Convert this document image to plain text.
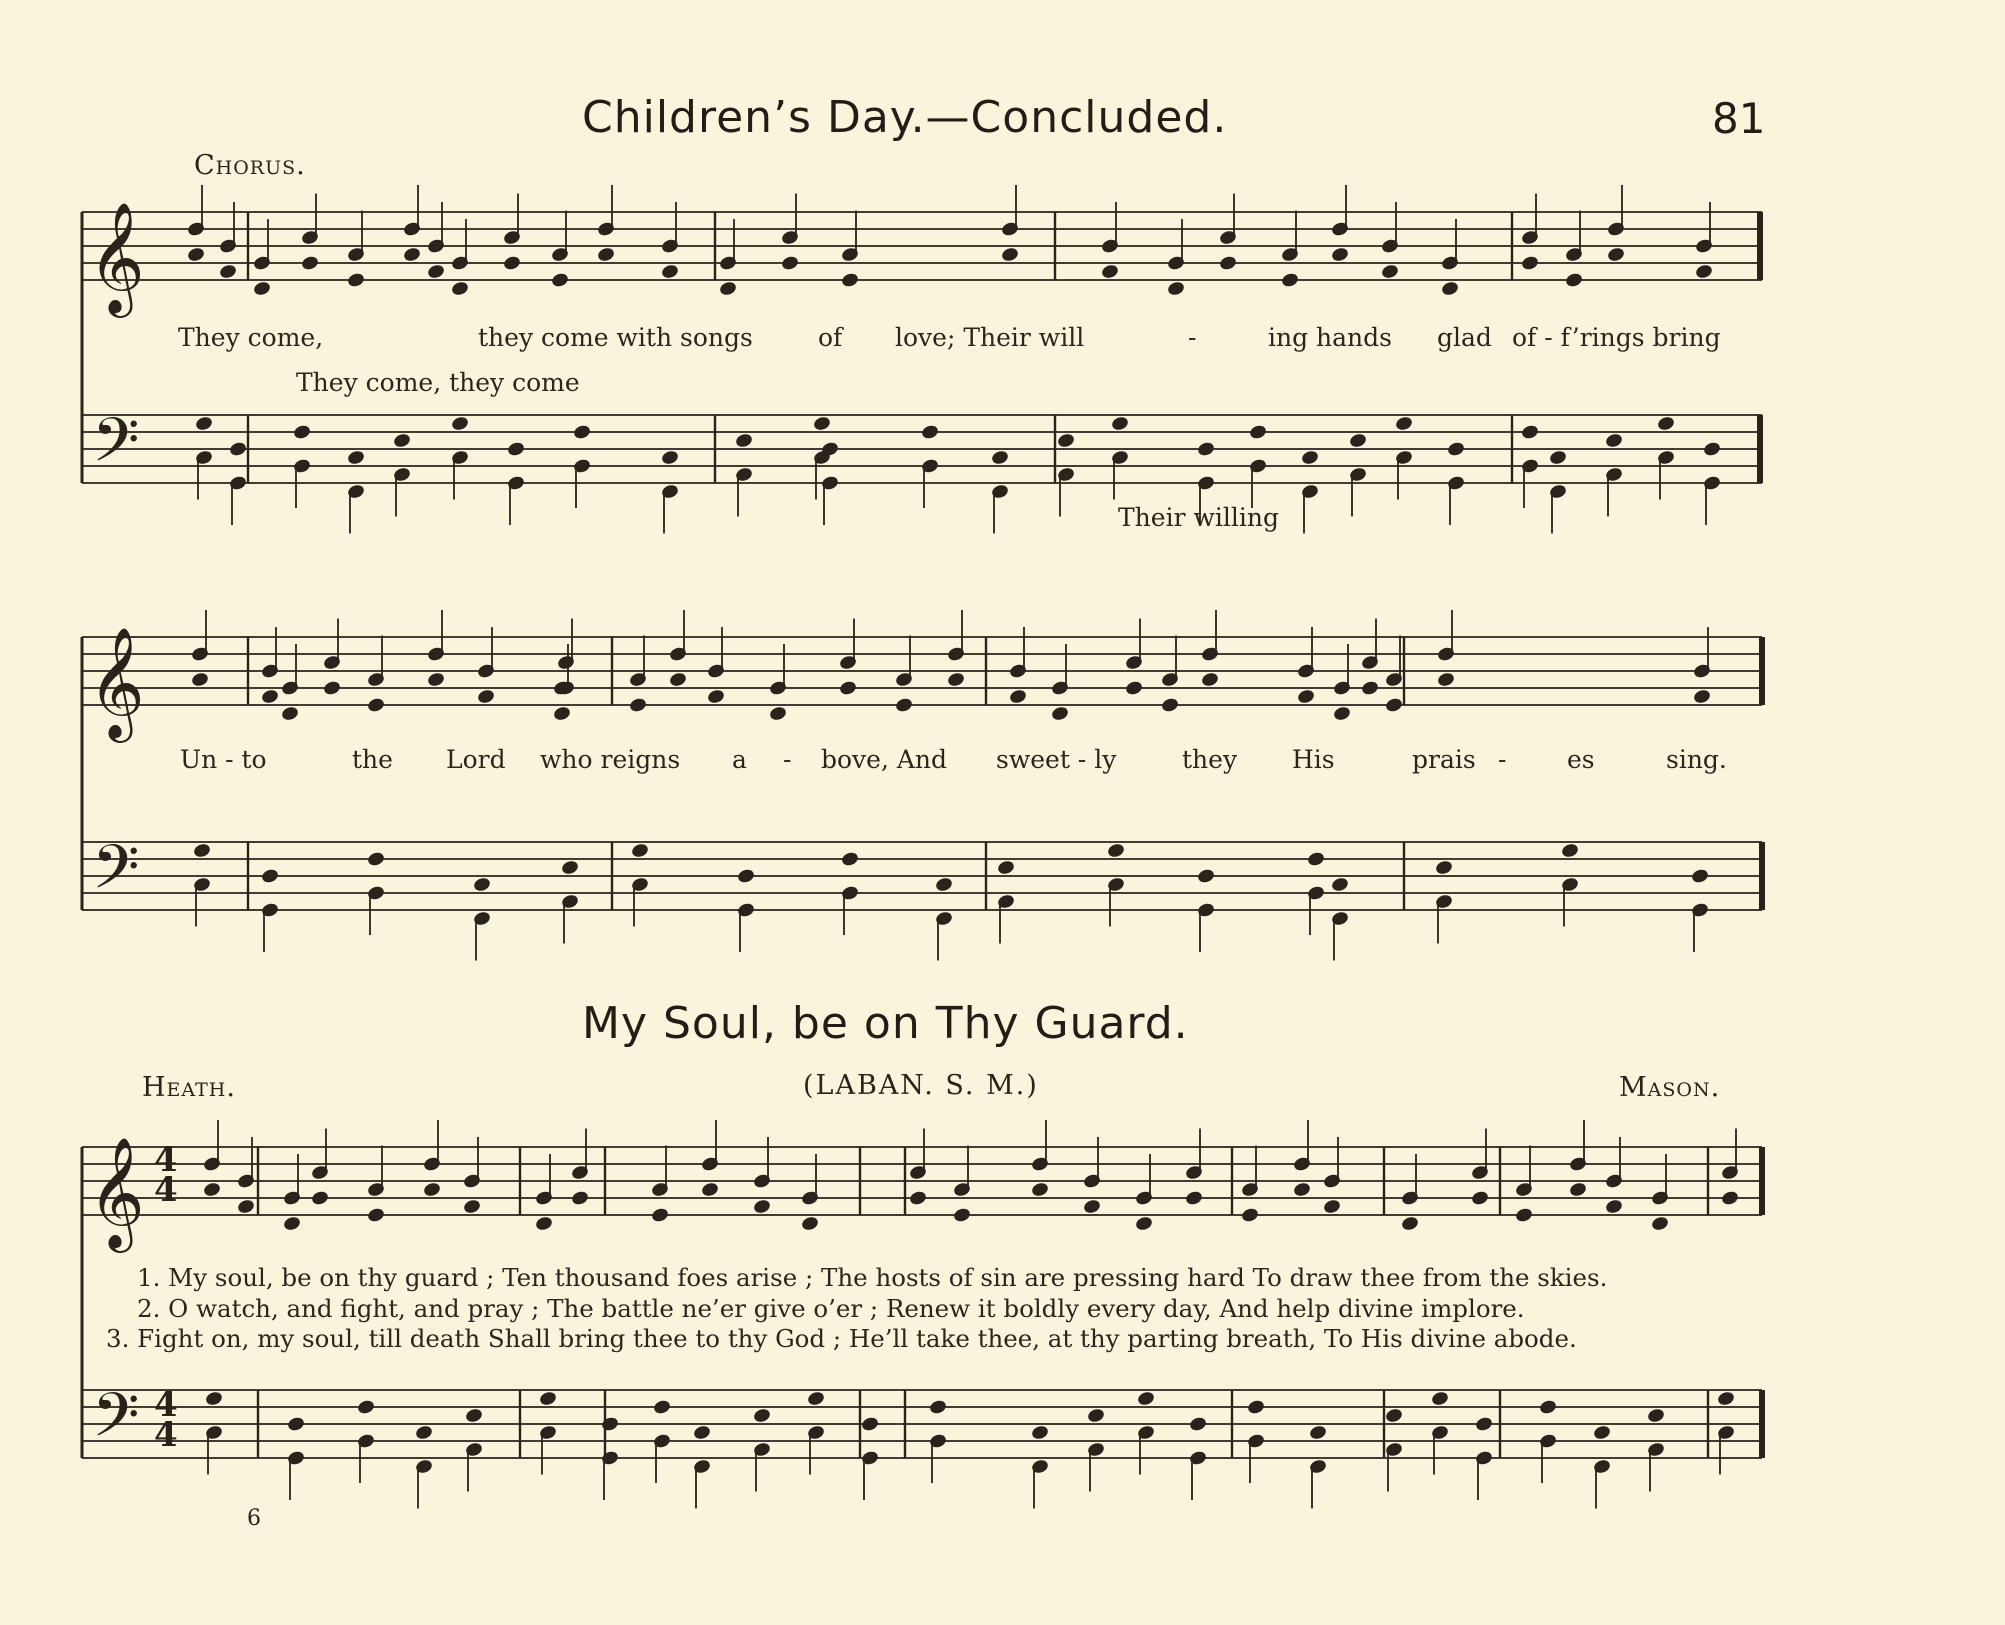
Children’s Day.—Concluded.	81
Chorus.
They come,	they come with songs	of love; Their will	-	ing hands glad of - f’rings bring
They come, they come
Their willing
Un - to	the Lord who reigns a - bove, And sweet - ly	they His	prais - es	sing.
My Soul, be on Thy Guard.
Heath.	(LABAN. S. M.)	Mason.
1. My soul, be on thy guard ; Ten thousand foes arise ; The hosts of sin are pressing hard To draw thee from the skies.
2. O watch, and fight, and pray ; The battle ne’er give o’er ; Renew it boldly every day, And help divine implore.
3. Fight on, my soul, till death Shall bring thee to thy God ; He’ll take thee, at thy parting breath, To His divine abode.
4
4
4
4
6
𝄞
𝄢
𝄞
𝄢
𝄞
𝄢
